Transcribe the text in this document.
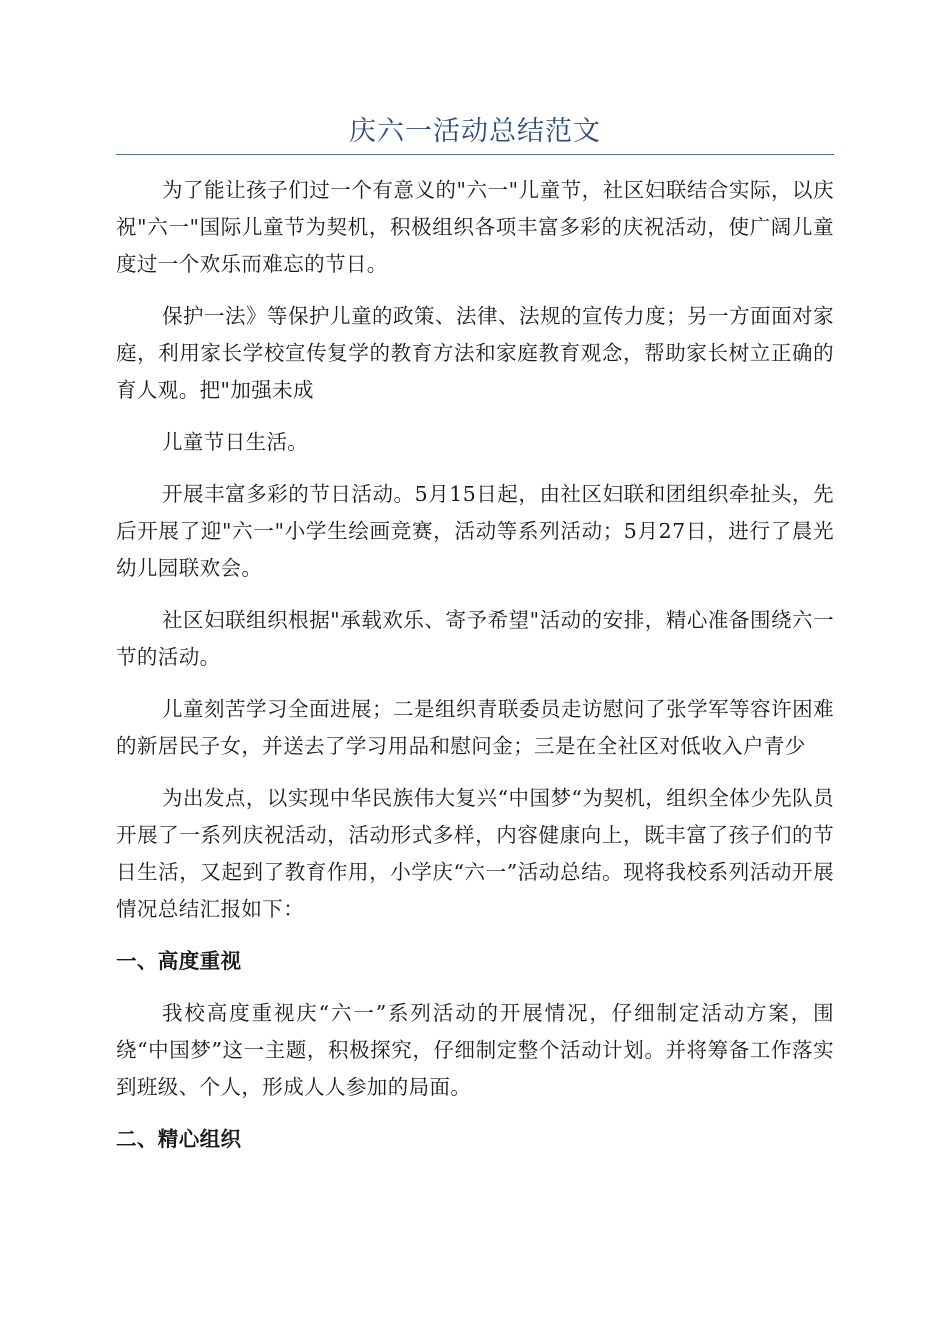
庆六一活动总结范文

为了能让孩子们过一个有意义的"六一"儿童节，社区妇联结合实际，以庆祝"六一"国际儿童节为契机，积极组织各项丰富多彩的庆祝活动，使广阔儿童度过一个欢乐而难忘的节日。

保护一法》等保护儿童的政策、法律、法规的宣传力度；另一方面面对家庭，利用家长学校宣传复学的教育方法和家庭教育观念，帮助家长树立正确的育人观。把"加强未成

儿童节日生活。

开展丰富多彩的节日活动。5月15日起，由社区妇联和团组织牵扯头，先后开展了迎"六一"小学生绘画竞赛，活动等系列活动；5月27日，进行了晨光幼儿园联欢会。

社区妇联组织根据"承载欢乐、寄予希望"活动的安排，精心准备围绕六一节的活动。

儿童刻苦学习全面进展；二是组织青联委员走访慰问了张学军等容许困难的新居民子女，并送去了学习用品和慰问金；三是在全社区对低收入户青少

为出发点，以实现中华民族伟大复兴“中国梦“为契机，组织全体少先队员开展了一系列庆祝活动，活动形式多样，内容健康向上，既丰富了孩子们的节日生活，又起到了教育作用，小学庆“六一”活动总结。现将我校系列活动开展情况总结汇报如下：

一、高度重视

我校高度重视庆“六一”系列活动的开展情况，仔细制定活动方案，围绕“中国梦”这一主题，积极探究，仔细制定整个活动计划。并将筹备工作落实到班级、个人，形成人人参加的局面。

二、精心组织
